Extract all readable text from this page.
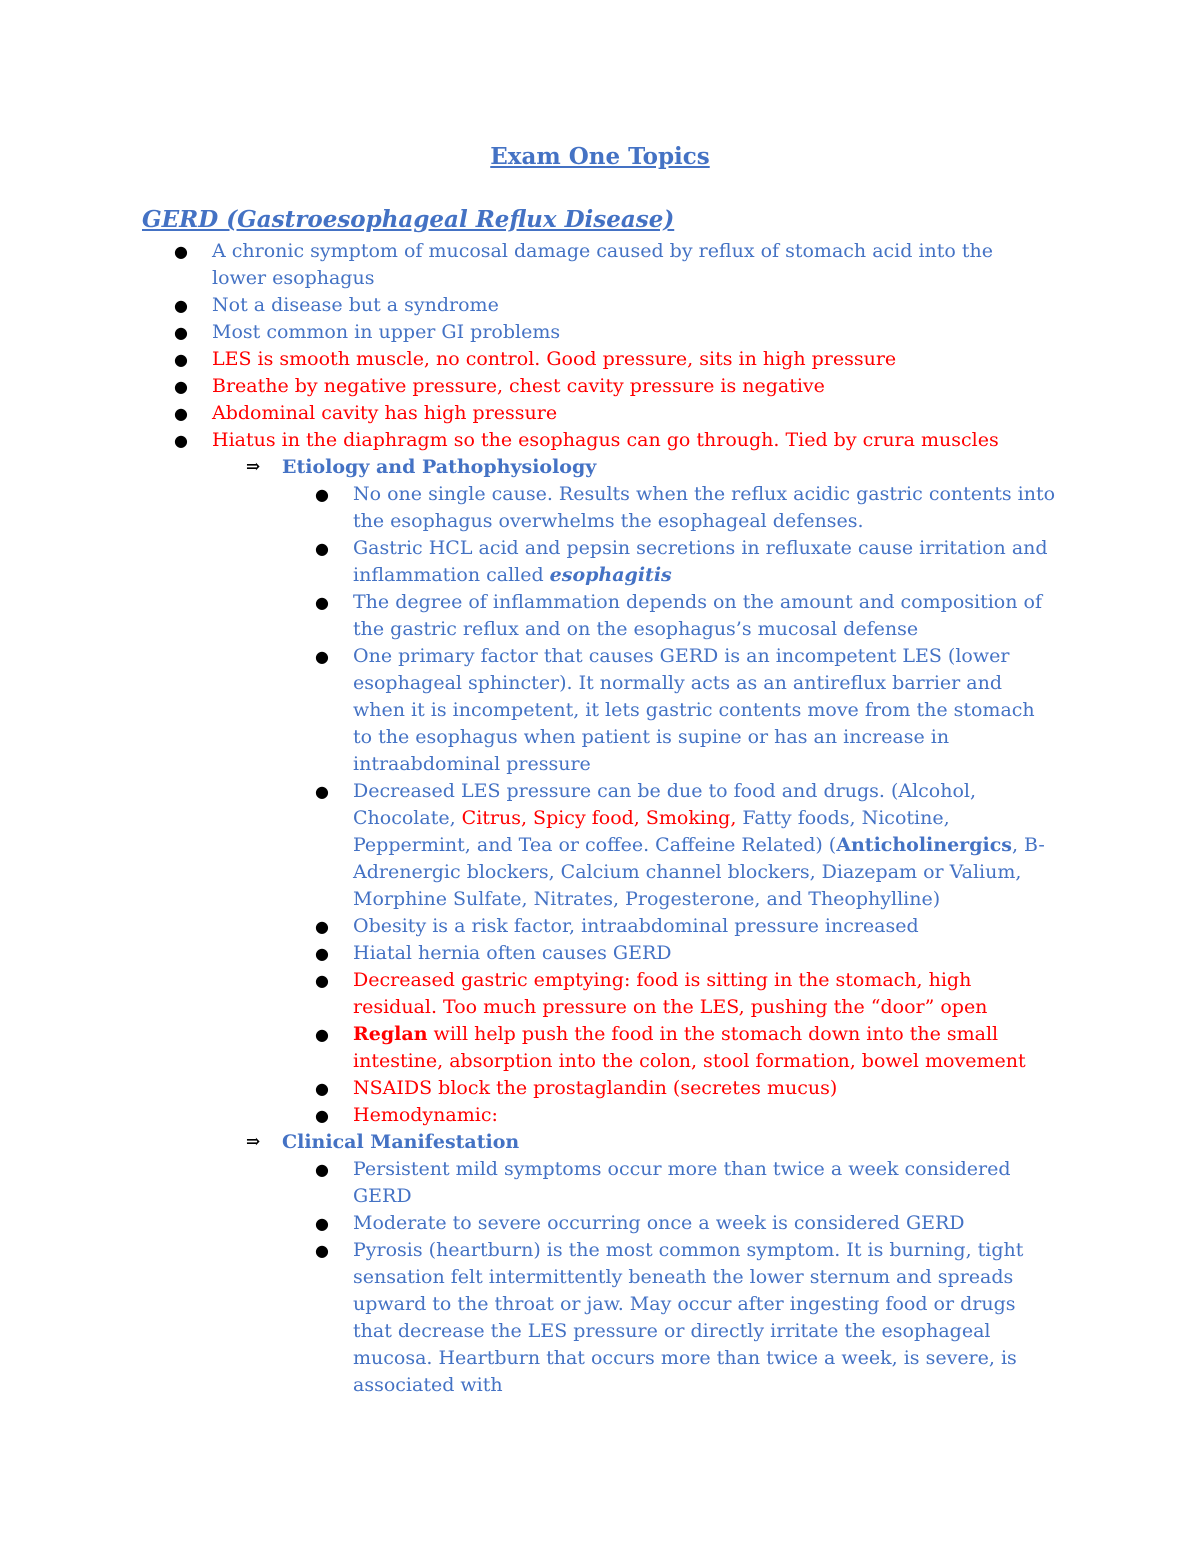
Exam One Topics
GERD (Gastroesophageal Reflux Disease)
● A chronic symptom of mucosal damage caused by reflux of stomach acid into the lower esophagus
● Not a disease but a syndrome
● Most common in upper GI problems
● LES is smooth muscle, no control. Good pressure, sits in high pressure
● Breathe by negative pressure, chest cavity pressure is negative
● Abdominal cavity has high pressure
● Hiatus in the diaphragm so the esophagus can go through. Tied by crura muscles
⇒ Etiology and Pathophysiology
● No one single cause. Results when the reflux acidic gastric contents into the esophagus overwhelms the esophageal defenses.
● Gastric HCL acid and pepsin secretions in refluxate cause irritation and inflammation called esophagitis
● The degree of inflammation depends on the amount and composition of the gastric reflux and on the esophagus’s mucosal defense
● One primary factor that causes GERD is an incompetent LES (lower esophageal sphincter). It normally acts as an antireflux barrier and when it is incompetent, it lets gastric contents move from the stomach to the esophagus when patient is supine or has an increase in intraabdominal pressure
● Decreased LES pressure can be due to food and drugs. (Alcohol, Chocolate, Citrus, Spicy food, Smoking, Fatty foods, Nicotine, Peppermint, and Tea or coffee. Caffeine Related) (Anticholinergics, B-Adrenergic blockers, Calcium channel blockers, Diazepam or Valium, Morphine Sulfate, Nitrates, Progesterone, and Theophylline)
● Obesity is a risk factor, intraabdominal pressure increased
● Hiatal hernia often causes GERD
● Decreased gastric emptying: food is sitting in the stomach, high residual. Too much pressure on the LES, pushing the “door” open
● Reglan will help push the food in the stomach down into the small intestine, absorption into the colon, stool formation, bowel movement
● NSAIDS block the prostaglandin (secretes mucus)
● Hemodynamic:
⇒ Clinical Manifestation
● Persistent mild symptoms occur more than twice a week considered GERD
● Moderate to severe occurring once a week is considered GERD
● Pyrosis (heartburn) is the most common symptom. It is burning, tight sensation felt intermittently beneath the lower sternum and spreads upward to the throat or jaw. May occur after ingesting food or drugs that decrease the LES pressure or directly irritate the esophageal mucosa. Heartburn that occurs more than twice a week, is severe, is associated with
